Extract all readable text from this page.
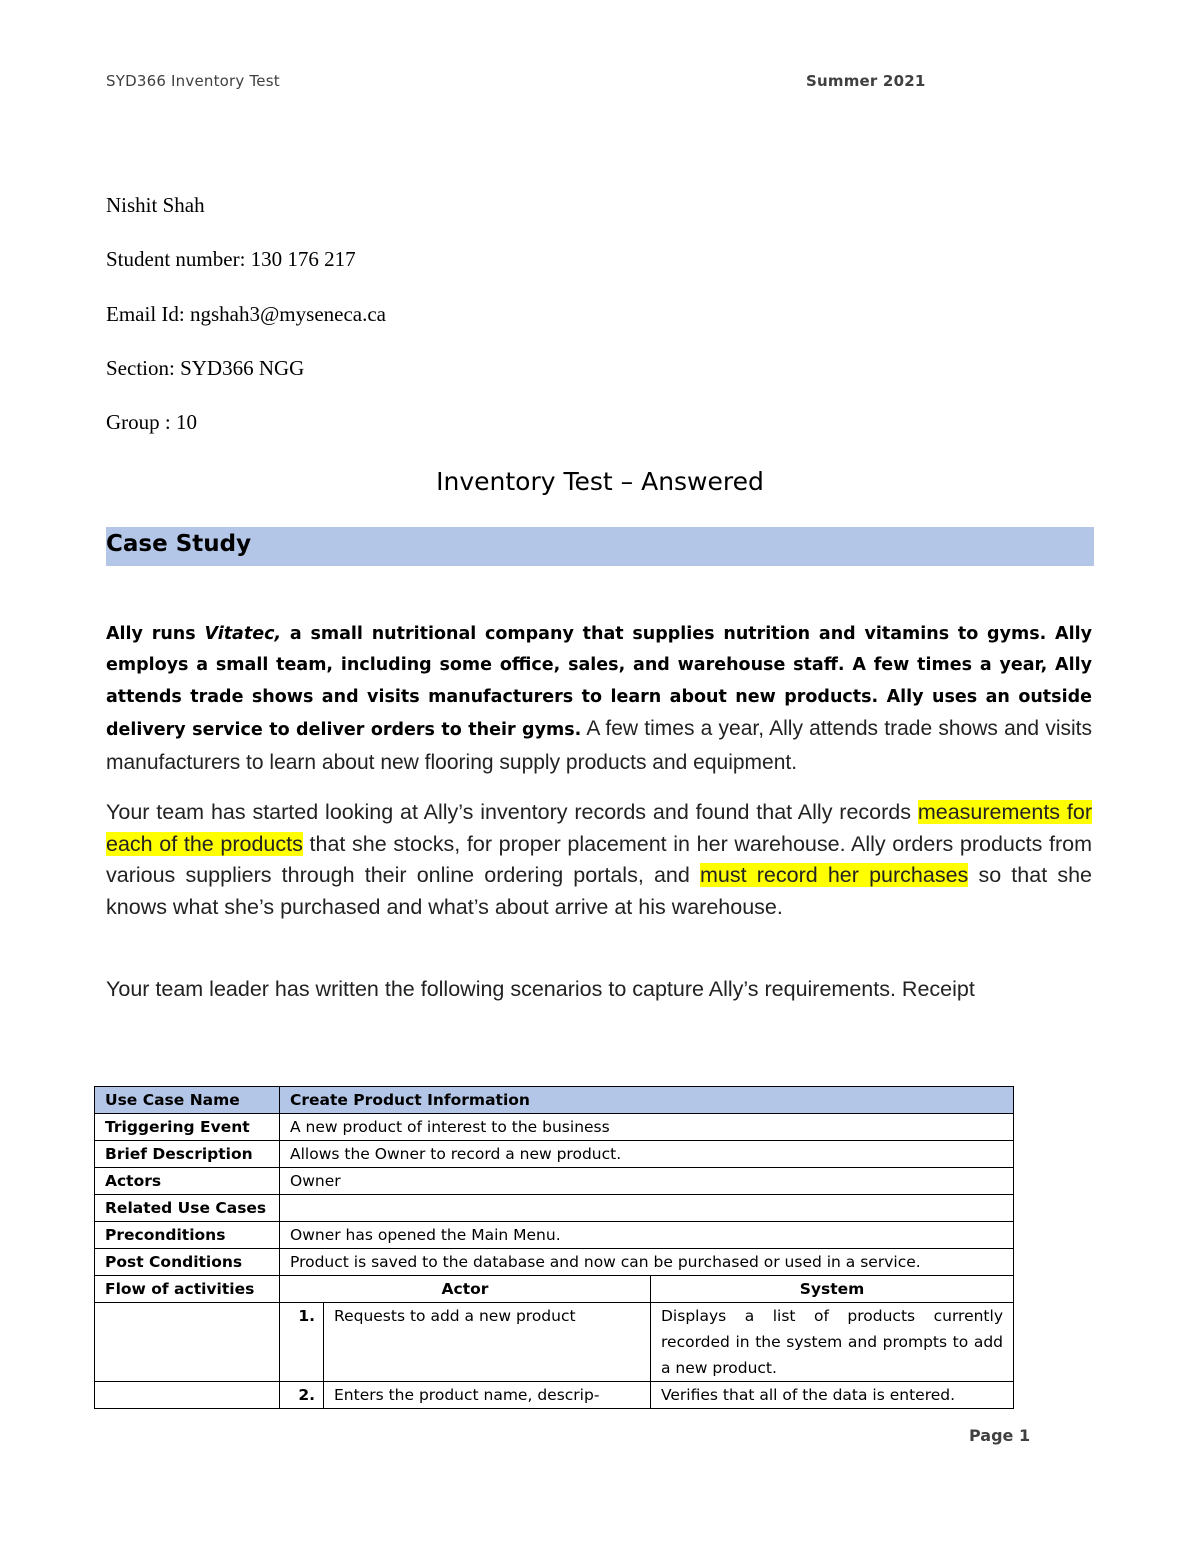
SYD366 Inventory Test	Summer 2021
Nishit Shah
Student number: 130 176 217
Email Id: ngshah3@myseneca.ca
Section: SYD366 NGG
Group : 10
Inventory Test – Answered
Case Study
Ally runs Vitatec, a small nutritional company that supplies nutrition and vitamins to gyms. Ally employs a small team, including some office, sales, and warehouse staff. A few times a year, Ally attends trade shows and visits manufacturers to learn about new products. Ally uses an outside delivery service to deliver orders to their gyms. A few times a year, Ally attends trade shows and visits manufacturers to learn about new flooring supply products and equipment.
Your team has started looking at Ally’s inventory records and found that Ally records measurements for each of the products that she stocks, for proper placement in her warehouse. Ally orders products from various suppliers through their online ordering portals, and must record her purchases so that she knows what she’s purchased and what’s about arrive at his warehouse.
Your team leader has written the following scenarios to capture Ally’s requirements. Receipt
Use Case Name	Create Product Information		
Triggering Event	A new product of interest to the business		
Brief Description	Allows the Owner to record a new product.		
Actors	Owner		
Related Use Cases			
Preconditions	Owner has opened the Main Menu.		
Post Conditions	Product is saved to the database and now can be purchased or used in a service.		
Flow of activities	Actor		System
	1.	Requests to add a new product	Displays a list of products currently recorded in the system and prompts to add a new product.
	2.	Enters the product name, descrip-	Verifies that all of the data is entered.
Page 1
